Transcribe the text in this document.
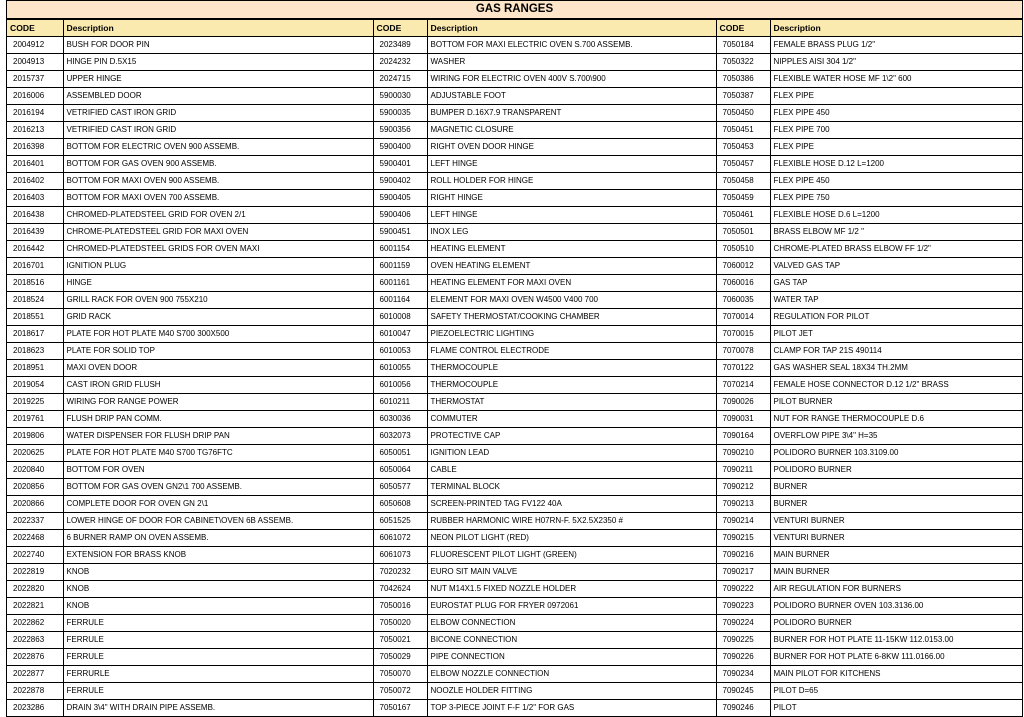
GAS RANGES
CODE	Description	CODE	Description	CODE	Description
2004912	BUSH FOR DOOR PIN	2023489	BOTTOM FOR MAXI ELECTRIC OVEN S.700 ASSEMB.	7050184	FEMALE BRASS PLUG 1/2"
2004913	HINGE PIN D.5X15	2024232	WASHER	7050322	NIPPLES AISI 304 1/2"
2015737	UPPER HINGE	2024715	WIRING FOR ELECTRIC OVEN 400V S.700\900	7050386	FLEXIBLE WATER HOSE MF 1\2" 600
2016006	ASSEMBLED DOOR	5900030	ADJUSTABLE FOOT	7050387	FLEX PIPE
2016194	VETRIFIED CAST IRON GRID	5900035	BUMPER D.16X7.9 TRANSPARENT	7050450	FLEX PIPE 450
2016213	VETRIFIED CAST IRON GRID	5900356	MAGNETIC CLOSURE	7050451	FLEX PIPE 700
2016398	BOTTOM FOR ELECTRIC OVEN 900 ASSEMB.	5900400	RIGHT OVEN DOOR HINGE	7050453	FLEX PIPE
2016401	BOTTOM FOR GAS OVEN 900 ASSEMB.	5900401	LEFT HINGE	7050457	FLEXIBLE HOSE D.12 L=1200
2016402	BOTTOM FOR MAXI OVEN 900 ASSEMB.	5900402	ROLL HOLDER FOR HINGE	7050458	FLEX PIPE 450
2016403	BOTTOM FOR MAXI OVEN 700 ASSEMB.	5900405	RIGHT HINGE	7050459	FLEX PIPE 750
2016438	CHROMED-PLATEDSTEEL GRID FOR OVEN 2/1	5900406	LEFT HINGE	7050461	FLEXIBLE HOSE D.6 L=1200
2016439	CHROME-PLATEDSTEEL GRID FOR MAXI OVEN	5900451	INOX LEG	7050501	BRASS ELBOW MF 1/2 "
2016442	CHROMED-PLATEDSTEEL GRIDS FOR OVEN MAXI	6001154	HEATING ELEMENT	7050510	CHROME-PLATED BRASS ELBOW FF 1/2"
2016701	IGNITION PLUG	6001159	OVEN HEATING ELEMENT	7060012	VALVED GAS TAP
2018516	HINGE	6001161	HEATING ELEMENT FOR MAXI OVEN	7060016	GAS TAP
2018524	GRILL RACK FOR OVEN 900 755X210	6001164	ELEMENT FOR MAXI OVEN W4500 V400 700	7060035	WATER TAP
2018551	GRID RACK	6010008	SAFETY THERMOSTAT/COOKING CHAMBER	7070014	REGULATION FOR PILOT
2018617	PLATE FOR HOT PLATE M40 S700 300X500	6010047	PIEZOELECTRIC LIGHTING	7070015	PILOT JET
2018623	PLATE FOR SOLID TOP	6010053	FLAME CONTROL ELECTRODE	7070078	CLAMP FOR TAP 21S 490114
2018951	MAXI OVEN DOOR	6010055	THERMOCOUPLE	7070122	GAS WASHER SEAL 18X34 TH.2MM
2019054	CAST IRON GRID FLUSH	6010056	THERMOCOUPLE	7070214	FEMALE HOSE CONNECTOR D.12 1/2" BRASS
2019225	WIRING FOR RANGE POWER	6010211	THERMOSTAT	7090026	PILOT BURNER
2019761	FLUSH DRIP PAN COMM.	6030036	COMMUTER	7090031	NUT FOR RANGE THERMOCOUPLE D.6
2019806	WATER DISPENSER FOR FLUSH DRIP PAN	6032073	PROTECTIVE CAP	7090164	OVERFLOW PIPE 3\4" H=35
2020625	PLATE FOR HOT PLATE M40 S700 TG76FTC	6050051	IGNITION LEAD	7090210	POLIDORO BURNER 103.3109.00
2020840	BOTTOM FOR OVEN	6050064	CABLE	7090211	POLIDORO BURNER
2020856	BOTTOM FOR GAS OVEN GN2\1 700 ASSEMB.	6050577	TERMINAL BLOCK	7090212	BURNER
2020866	COMPLETE DOOR FOR OVEN GN 2\1	6050608	SCREEN-PRINTED TAG FV122 40A	7090213	BURNER
2022337	LOWER HINGE OF DOOR FOR CABINET\OVEN 6B ASSEMB.	6051525	RUBBER HARMONIC WIRE H07RN-F. 5X2.5X2350 #	7090214	VENTURI BURNER
2022468	6 BURNER RAMP ON OVEN ASSEMB.	6061072	NEON PILOT LIGHT (RED)	7090215	VENTURI BURNER
2022740	EXTENSION FOR BRASS KNOB	6061073	FLUORESCENT PILOT LIGHT (GREEN)	7090216	MAIN BURNER
2022819	KNOB	7020232	EURO SIT MAIN VALVE	7090217	MAIN BURNER
2022820	KNOB	7042624	NUT M14X1.5 FIXED NOZZLE HOLDER	7090222	AIR REGULATION FOR BURNERS
2022821	KNOB	7050016	EUROSTAT PLUG FOR FRYER 0972061	7090223	POLIDORO BURNER OVEN 103.3136.00
2022862	FERRULE	7050020	ELBOW CONNECTION	7090224	POLIDORO BURNER
2022863	FERRULE	7050021	BICONE CONNECTION	7090225	BURNER FOR HOT PLATE 11-15KW 112.0153.00
2022876	FERRULE	7050029	PIPE CONNECTION	7090226	BURNER FOR HOT PLATE 6-8KW 111.0166.00
2022877	FERRURLE	7050070	ELBOW NOZZLE CONNECTION	7090234	MAIN PILOT FOR KITCHENS
2022878	FERRULE	7050072	NOOZLE HOLDER FITTING	7090245	PILOT D=65
2023286	DRAIN 3\4" WITH DRAIN PIPE ASSEMB.	7050167	TOP 3-PIECE JOINT F-F 1/2" FOR GAS	7090246	PILOT
